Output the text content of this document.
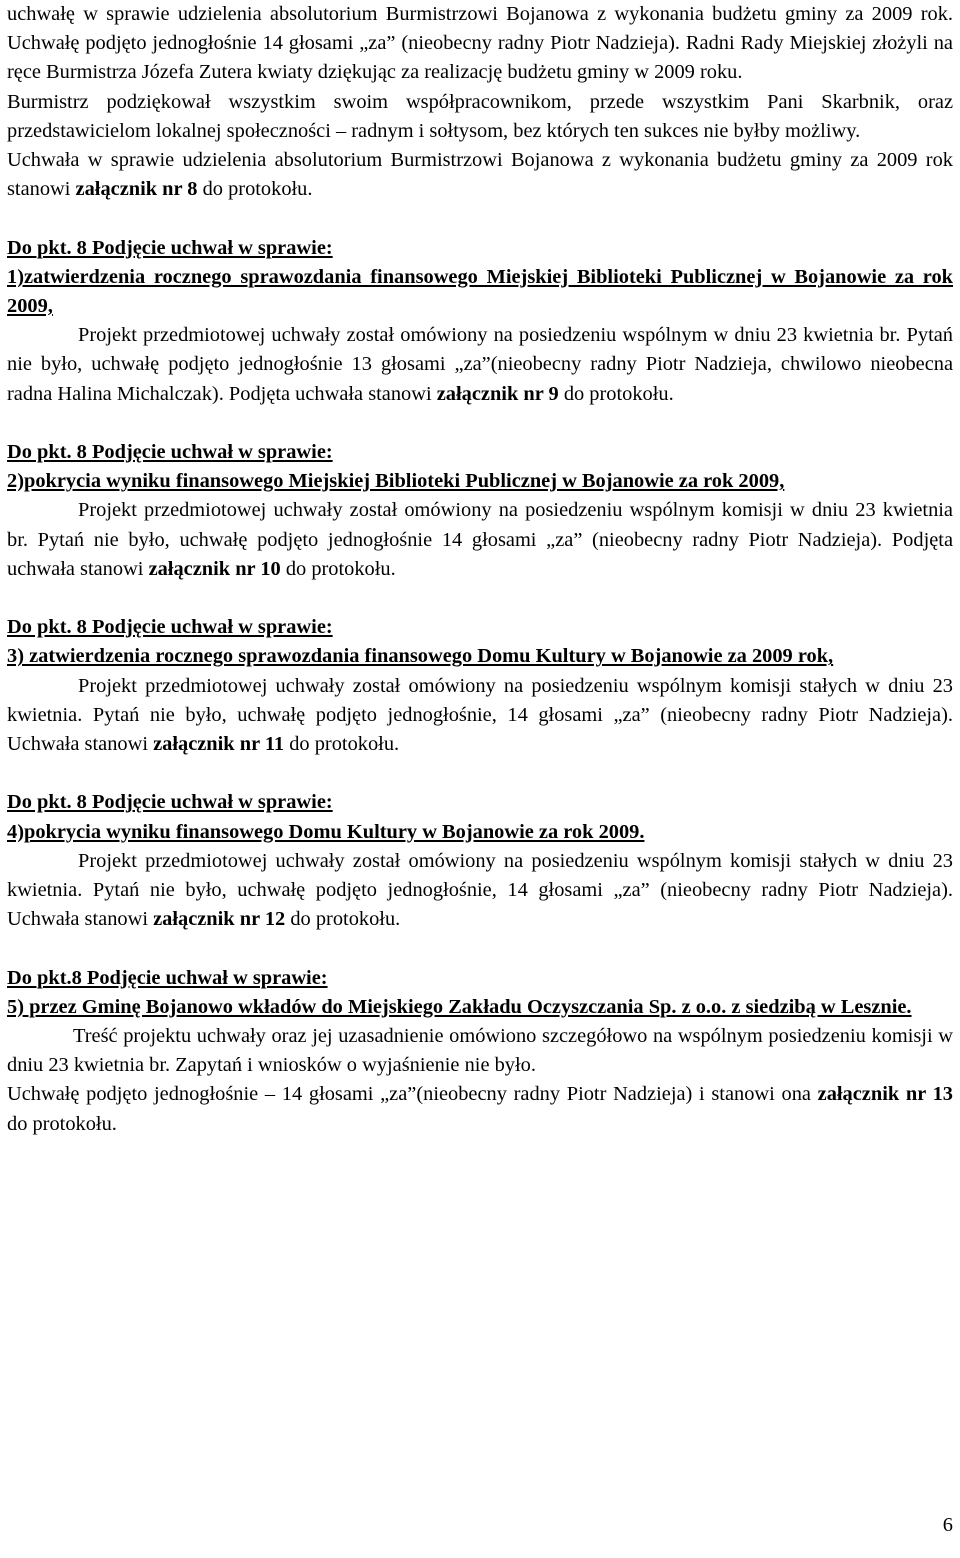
uchwałę w sprawie udzielenia absolutorium Burmistrzowi Bojanowa z wykonania budżetu gminy za 2009 rok. Uchwałę podjęto jednogłośnie 14 głosami „za” (nieobecny radny Piotr Nadzieja). Radni Rady Miejskiej złożyli na ręce Burmistrza Józefa Zutera kwiaty dziękując za realizację budżetu gminy w 2009 roku.

Burmistrz podziękował wszystkim swoim współpracownikom, przede wszystkim Pani Skarbnik, oraz przedstawicielom lokalnej społeczności – radnym i sołtysom, bez których ten sukces nie byłby możliwy.

Uchwała w sprawie udzielenia absolutorium Burmistrzowi Bojanowa z wykonania budżetu gminy za 2009 rok stanowi załącznik nr 8 do protokołu.

Do pkt. 8 Podjęcie uchwał w sprawie:

1)zatwierdzenia rocznego sprawozdania finansowego Miejskiej Biblioteki Publicznej w Bojanowie za rok 2009,

Projekt przedmiotowej uchwały został omówiony na posiedzeniu wspólnym w dniu 23 kwietnia br. Pytań nie było, uchwałę podjęto jednogłośnie 13 głosami „za”(nieobecny radny Piotr Nadzieja, chwilowo nieobecna radna Halina Michalczak). Podjęta uchwała stanowi załącznik nr 9 do protokołu.

Do pkt. 8 Podjęcie uchwał w sprawie:

2)pokrycia wyniku finansowego Miejskiej Biblioteki Publicznej w Bojanowie za rok 2009,

Projekt przedmiotowej uchwały został omówiony na posiedzeniu wspólnym komisji w dniu 23 kwietnia br. Pytań nie było, uchwałę podjęto jednogłośnie 14 głosami „za” (nieobecny radny Piotr Nadzieja). Podjęta uchwała stanowi załącznik nr 10 do protokołu.

Do pkt. 8 Podjęcie uchwał w sprawie:

3) zatwierdzenia rocznego sprawozdania finansowego Domu Kultury w Bojanowie za 2009 rok,

Projekt przedmiotowej uchwały został omówiony na posiedzeniu wspólnym komisji stałych w dniu 23 kwietnia. Pytań nie było, uchwałę podjęto jednogłośnie, 14 głosami „za” (nieobecny radny Piotr Nadzieja). Uchwała stanowi załącznik nr 11 do protokołu.

Do pkt. 8 Podjęcie uchwał w sprawie:

4)pokrycia wyniku finansowego Domu Kultury w Bojanowie za rok 2009.

Projekt przedmiotowej uchwały został omówiony na posiedzeniu wspólnym komisji stałych w dniu 23 kwietnia. Pytań nie było, uchwałę podjęto jednogłośnie, 14 głosami „za” (nieobecny radny Piotr Nadzieja). Uchwała stanowi załącznik nr 12 do protokołu.

Do pkt.8 Podjęcie uchwał w sprawie:

5) przez Gminę Bojanowo wkładów do Miejskiego Zakładu Oczyszczania Sp. z o.o. z siedzibą w Lesznie.

Treść projektu uchwały oraz jej uzasadnienie omówiono szczegółowo na wspólnym posiedzeniu komisji w dniu 23 kwietnia br. Zapytań i wniosków o wyjaśnienie nie było.

Uchwałę podjęto jednogłośnie – 14 głosami „za”(nieobecny radny Piotr Nadzieja) i stanowi ona załącznik nr 13 do protokołu.

6
